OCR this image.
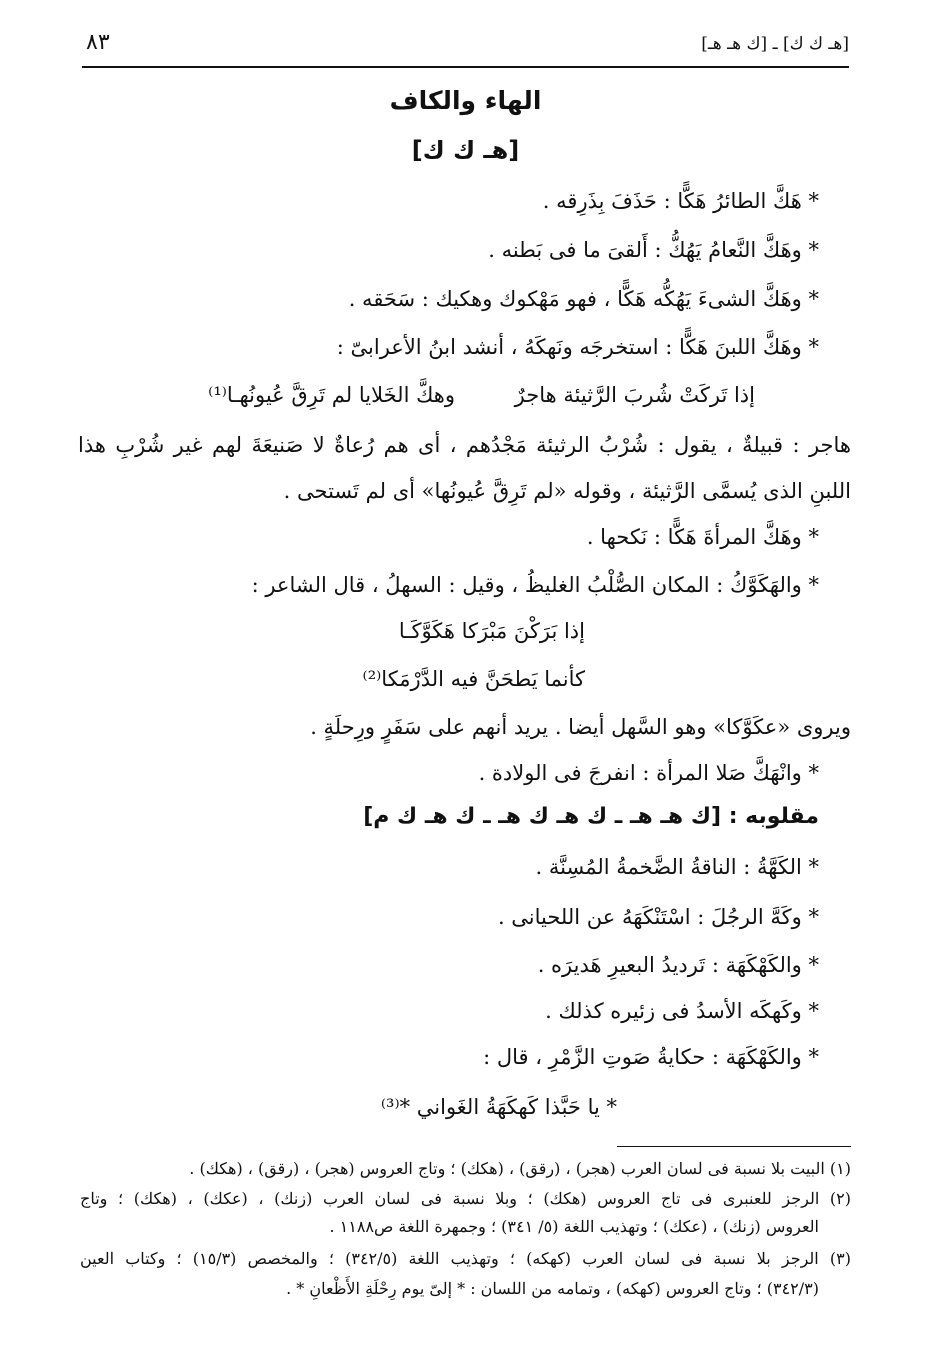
[هـ ك ك] ـ [ك هـ هـ]
٨٣
الهاء والكاف
[هـ ك ك]
* هَكَّ الطائرُ هَكًّا : حَذَفَ بِذَرِقه .
* وهَكَّ النَّعامُ يَهُكُّ : أَلقىَ ما فى بَطنه .
* وهَكَّ الشىءَ يَهُكُّه هَكًّا ، فهو مَهْكوك وهكيك : سَحَقه .
* وهَكَّ اللبنَ هَكًّا : استخرجَه ونَهكَهُ ، أنشد ابنُ الأعرابىّ :
إذا تَركَتْ شُربَ الرَّثيئة هاجرٌ
وهكَّ الخَلايا لم تَرِقَّ عُيونُهـا⁽¹⁾
هاجر : قبيلةٌ ، يقول : شُرْبُ الرثيئة مَجْدُهم ، أى هم رُعاةٌ لا صَنيعَةَ لهم غير شُرْبِ هذا
اللبنِ الذى يُسمَّى الرَّثيئة ، وقوله «لم تَرِقَّ عُيونُها» أى لم تَستحى .
* وهَكَّ المرأةَ هَكًّا : نَكحها .
* والهَكَوَّكُ : المكان الصُّلْبُ الغليظُ ، وقيل : السهلُ ، قال الشاعر :
إذا بَرَكْنَ مَبْرَكا هَكَوَّكَـا
كأنما يَطحَنَّ فيه الدَّرْمَكا⁽²⁾
ويروى «عكَوَّكا» وهو السَّهل أيضا . يريد أنهم على سَفَرٍ ورِحلَةٍ .
* وانْهَكَّ صَلا المرأة : انفرجَ فى الولادة .
مقلوبه : [ك هـ هـ ـ ك هـ ك هـ ـ ك هـ ك م]
* الكَهَّةُ : الناقةُ الضَّخمةُ المُسِنَّة .
* وكَهَّ الرجُلَ : اسْتَنْكَهَهُ عن اللحيانى .
* والكَهْكَهَة : تَرديدُ البعيرِ هَديرَه .
* وكَهكَه الأسدُ فى زئيره كذلك .
* والكَهْكَهَة : حكايةُ صَوتِ الزَّمْرِ ، قال :
* يا حَبَّذا كَهكَهَةُ الغَواني *⁽³⁾
(١) البيت بلا نسبة فى لسان العرب (هجر) ، (رقق) ، (هكك) ؛ وتاج العروس (هجر) ، (رقق) ، (هكك) .
(٢) الرجز للعنبرى فى تاج العروس (هكك) ؛ وبلا نسبة فى لسان العرب (زنك) ، (عكك) ، (هكك) ؛ وتاج
العروس (زنك) ، (عكك) ؛ وتهذيب اللغة (٥/ ٣٤١) ؛ وجمهرة اللغة ص١١٨٨ .
(٣) الرجز بلا نسبة فى لسان العرب (كهكه) ؛ وتهذيب اللغة (٣٤٢/٥) ؛ والمخصص (١٥/٣) ؛ وكتاب العين
(٣٤٢/٣) ؛ وتاج العروس (كهكه) ، وتمامه من اللسان : * إلىّ يوم رِحْلَةِ الأَظْعانِ * .
